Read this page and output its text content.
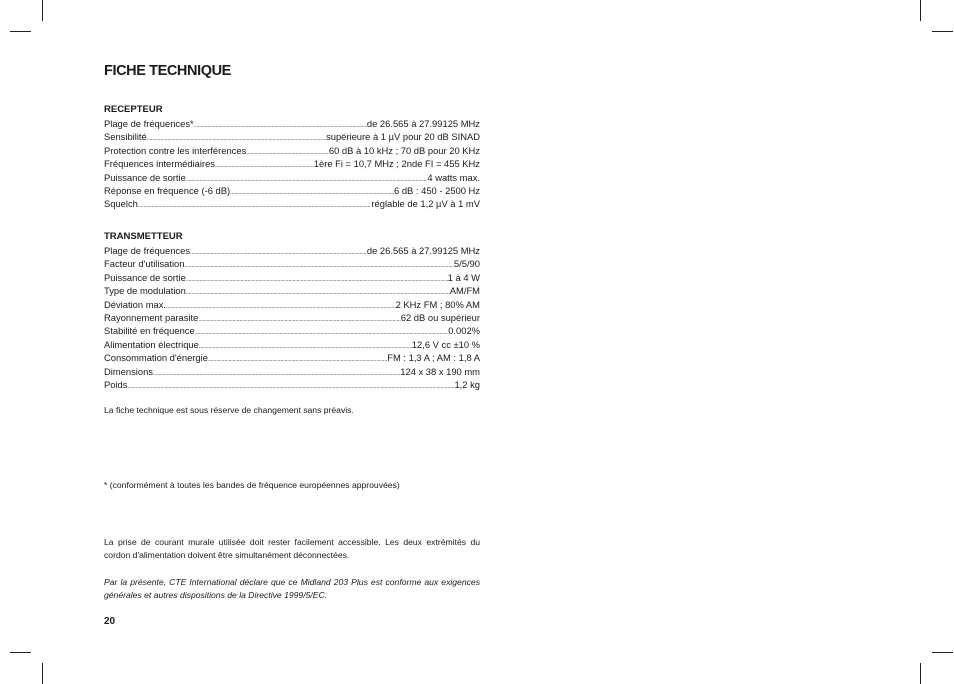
FICHE TECHNIQUE
RECEPTEUR
Plage de fréquences* .....	de 26.565 à 27.99125 MHz
Sensibilité .....	supérieure à 1 µV pour 20 dB SINAD
Protection contre les interférences .....	60 dB à 10 kHz ; 70 dB pour 20 KHz
Fréquences intermédiaires .....	1ère Fi = 10,7 MHz ; 2nde FI = 455 KHz
Puissance de sortie .....	4 watts max.
Réponse en fréquence (-6 dB) .....	6 dB : 450 - 2500 Hz
Squelch .....	réglable de 1,2 µV à 1 mV
TRANSMETTEUR
Plage de fréquences .....	de 26.565 à 27.99125 MHz
Facteur d'utilisation .....	5/5/90
Puissance de sortie .....	1 à 4 W
Type de modulation .....	AM/FM
Déviation max. .....	2 KHz FM ; 80% AM
Rayonnement parasite .....	62 dB ou supérieur
Stabilité en fréquence .....	0.002%
Alimentation électrique .....	12,6 V cc ±10 %
Consommation d'énergie .....	FM : 1,3 A ; AM : 1,8 A
Dimensions .....	124 x 38 x 190 mm
Poids .....	1,2 kg

La fiche technique est sous réserve de changement sans préavis.

* (conformément à toutes les bandes de fréquence européennes approuvées)

La prise de courant murale utilisée doit rester facilement accessible. Les deux extrémités du cordon d'alimentation doivent être simultanément déconnectées.

Par la présente, CTE International déclare que ce Midland 203 Plus est conforme aux exigences générales et autres dispositions de la Directive 1999/5/EC.

20
